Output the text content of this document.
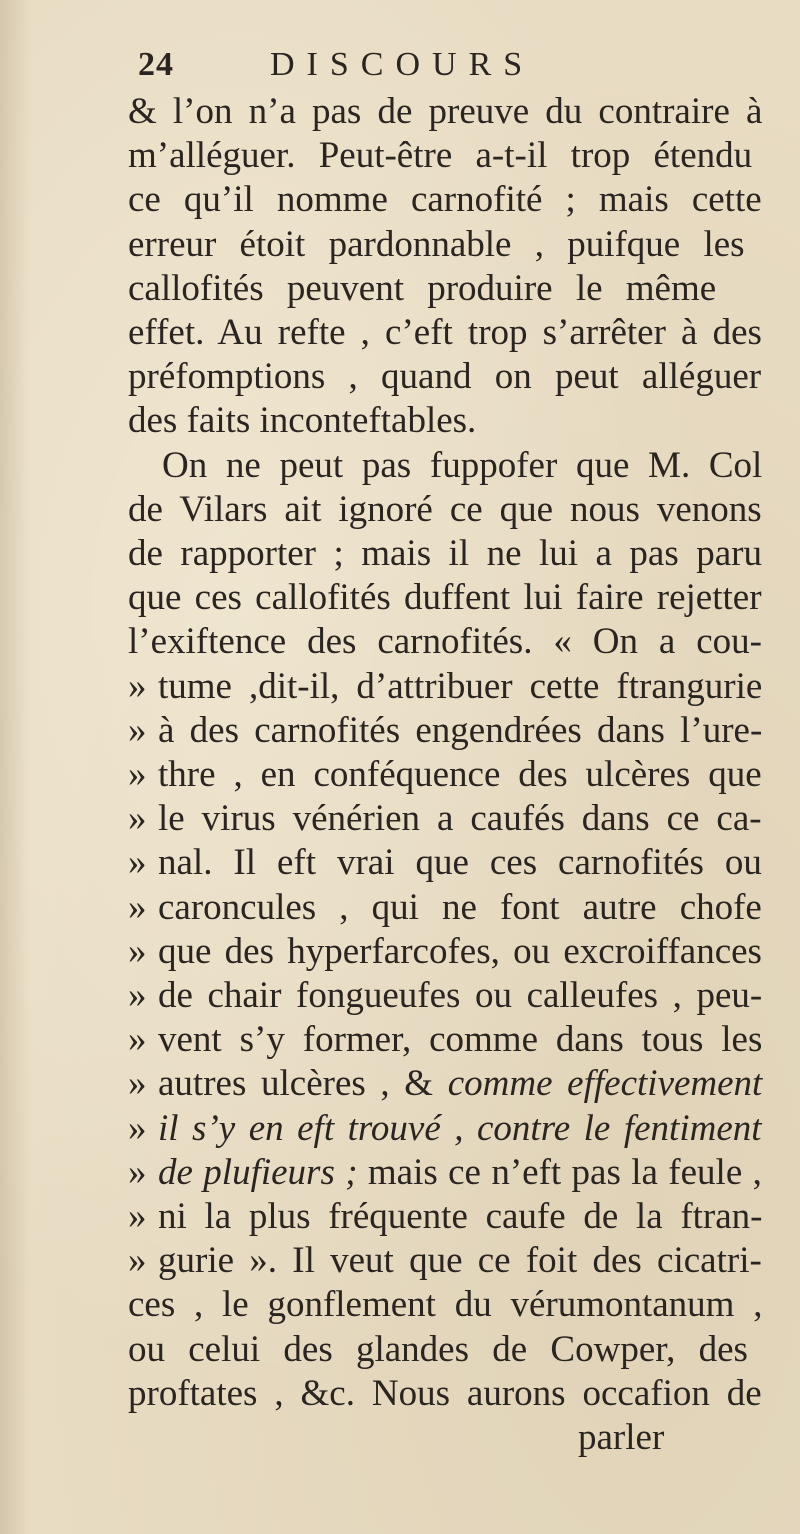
24	DISCOURS
& l’on n’a pas de preuve du contraire à
m’alléguer. Peut-être a-t-il trop étendu
ce qu’il nomme carnofité ; mais cette
erreur étoit pardonnable , puifque les
callofités peuvent produire le même
effet. Au refte , c’eft trop s’arrêter à des
préfomptions , quand on peut alléguer
des faits inconteftables.
On ne peut pas fuppofer que M. Col
de Vilars ait ignoré ce que nous venons
de rapporter ; mais il ne lui a pas paru
que ces callofités duffent lui faire rejetter
l’exiftence des carnofités. « On a cou-
» tume ,dit-il, d’attribuer cette ftrangurie
» à des carnofités engendrées dans l’ure-
» thre , en conféquence des ulcères que
» le virus vénérien a caufés dans ce ca-
» nal. Il eft vrai que ces carnofités ou
» caroncules , qui ne font autre chofe
» que des hyperfarcofes, ou excroiffances
» de chair fongueufes ou calleufes , peu-
» vent s’y former, comme dans tous les
» autres ulcères , & comme effectivement
» il s’y en eft trouvé , contre le fentiment
» de plufieurs ; mais ce n’eft pas la feule ,
» ni la plus fréquente caufe de la ftran-
» gurie ». Il veut que ce foit des cicatri-
ces , le gonflement du vérumontanum ,
ou celui des glandes de Cowper, des
proftates , &c. Nous aurons occafion de
parler
